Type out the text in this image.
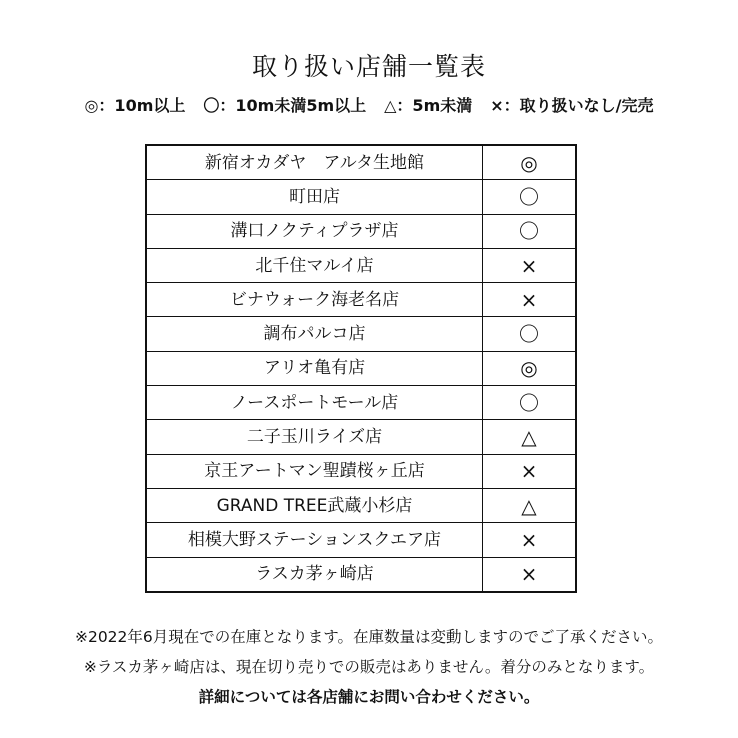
取り扱い店舗一覧表
◎：10m以上 〇：10m未満5m以上 △：5m未満 ×：取り扱いなし/完売
新宿オカダヤ　アルタ生地館	◎
町田店	〇
溝口ノクティプラザ店	〇
北千住マルイ店	×
ビナウォーク海老名店	×
調布パルコ店	〇
アリオ亀有店	◎
ノースポートモール店	〇
二子玉川ライズ店	△
京王アートマン聖蹟桜ヶ丘店	×
GRAND TREE武蔵小杉店	△
相模大野ステーションスクエア店	×
ラスカ茅ヶ崎店	×
※2022年6月現在での在庫となります。在庫数量は変動しますのでご了承ください。
※ラスカ茅ヶ崎店は、現在切り売りでの販売はありません。着分のみとなります。
詳細については各店舗にお問い合わせください。
